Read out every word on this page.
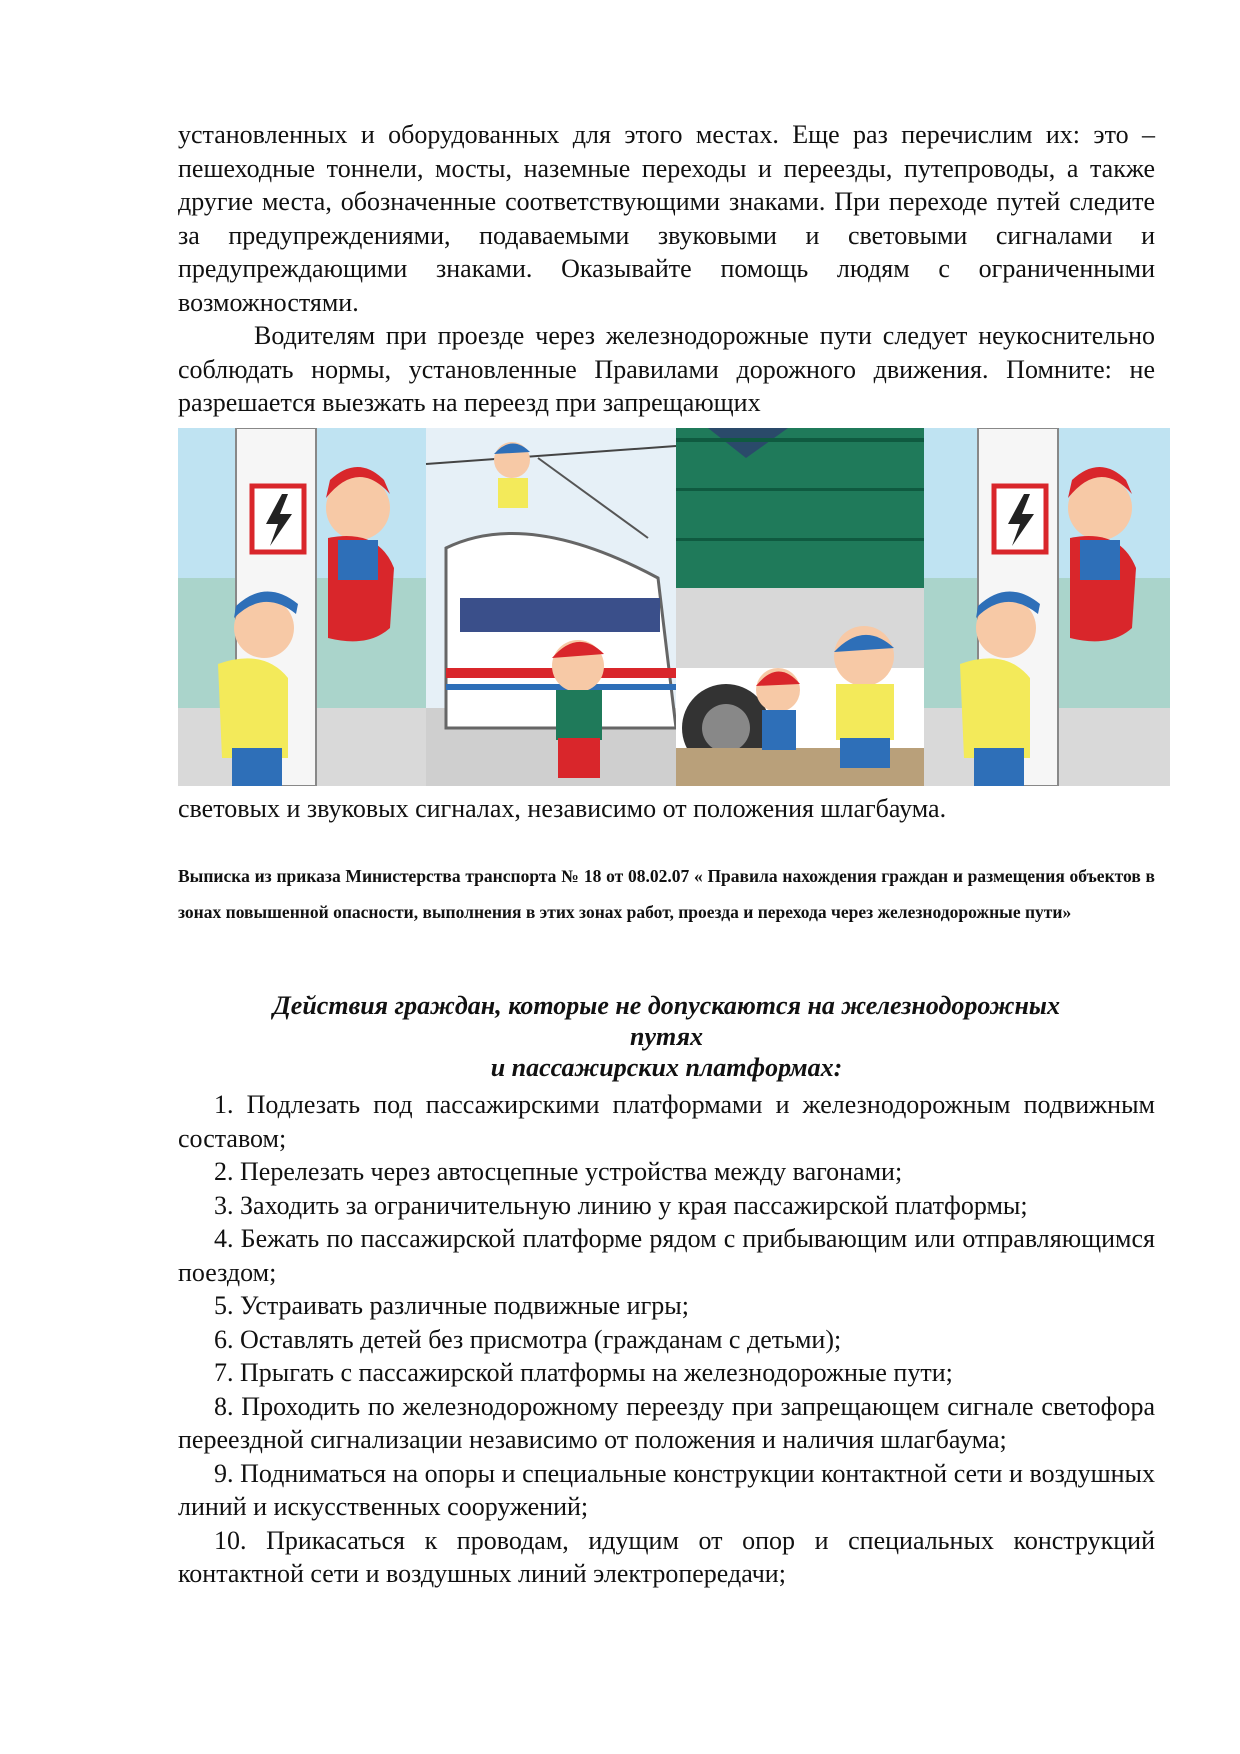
установленных и оборудованных для этого местах. Еще раз перечислим их: это – пешеходные тоннели, мосты, наземные переходы и переезды, путепроводы, а также другие места, обозначенные соответствующими знаками. При переходе путей следите за предупреждениями, подаваемыми звуковыми и световыми сигналами и предупреждающими знаками. Оказывайте помощь людям с ограниченными возможностями.

Водителям при проезде через железнодорожные пути следует неукоснительно соблюдать нормы, установленные Правилами дорожного движения. Помните: не разрешается выезжать на переезд при запрещающих

световых и звуковых сигналах, независимо от положения шлагбаума.

Выписка из приказа Министерства транспорта № 18 от 08.02.07 « Правила нахождения граждан и размещения объектов в зонах повышенной опасности, выполнения в этих зонах работ, проезда и перехода через железнодорожные пути»

Действия граждан, которые не допускаются на железнодорожных

путях

и пассажирских платформах:

1. Подлезать под пассажирскими платформами и железнодорожным подвижным составом;
2. Перелезать через автосцепные устройства между вагонами;
3. Заходить за ограничительную линию у края пассажирской платформы;
4. Бежать по пассажирской платформе рядом с прибывающим или отправляющимся поездом;
5. Устраивать различные подвижные игры;
6. Оставлять детей без присмотра (гражданам с детьми);
7. Прыгать с пассажирской платформы на железнодорожные пути;
8. Проходить по железнодорожному переезду при запрещающем сигнале светофора переездной сигнализации независимо от положения и наличия шлагбаума;
9. Подниматься на опоры и специальные конструкции контактной сети и воздушных линий и искусственных сооружений;
10. Прикасаться к проводам, идущим от опор и специальных конструкций контактной сети и воздушных линий электропередачи;
